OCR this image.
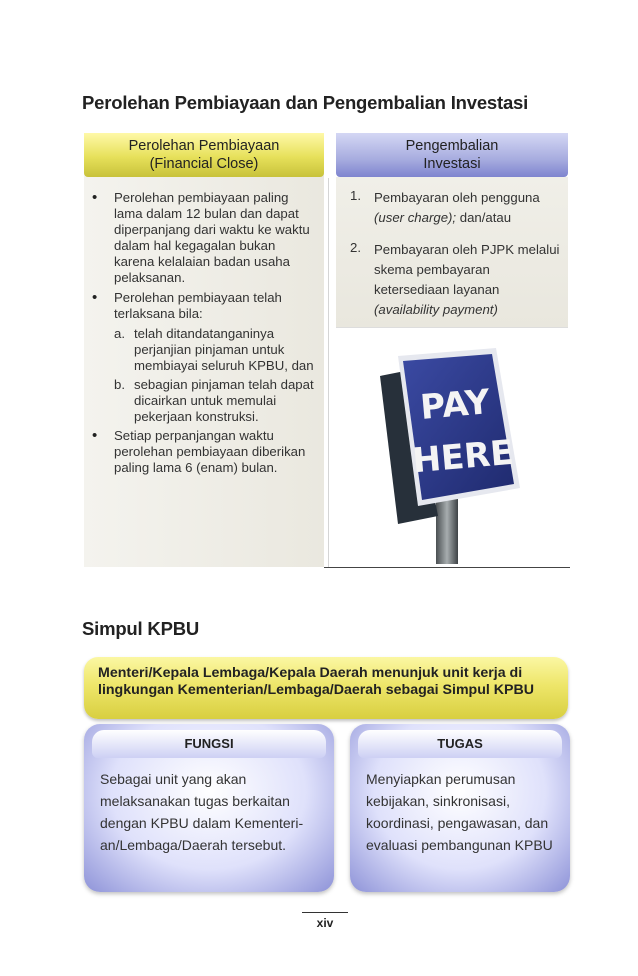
Perolehan Pembiayaan dan Pengembalian Investasi
Perolehan Pembiayaan
(Financial Close)
Pengembalian
Investasi
• Perolehan pembiayaan paling lama dalam 12 bulan dan dapat diperpanjang dari waktu ke waktu dalam hal kegagalan bukan karena kelalaian badan usaha pelaksanan.
• Perolehan pembiayaan telah terlaksana bila:
a. telah ditandatanganinya perjanjian pinjaman untuk membiayai seluruh KPBU, dan
b. sebagian pinjaman telah dapat dicairkan untuk memulai pekerjaan konstruksi.
• Setiap perpanjangan waktu perolehan pembiayaan diberikan paling lama 6 (enam) bulan.
1. Pembayaran oleh pengguna
(user charge); dan/atau
2. Pembayaran oleh PJPK melalui skema pembayaran ketersediaan layanan
(availability payment)
PAY
HERE
Simpul KPBU
Menteri/Kepala Lembaga/Kepala Daerah menunjuk unit kerja di lingkungan Kementerian/Lembaga/Daerah sebagai Simpul KPBU
FUNGSI
Sebagai unit yang akan melaksanakan tugas berkaitan dengan KPBU dalam Kementeri-an/Lembaga/Daerah tersebut.
TUGAS
Menyiapkan perumusan kebijakan, sinkronisasi, koordinasi, pengawasan, dan evaluasi pembangunan KPBU
xiv
